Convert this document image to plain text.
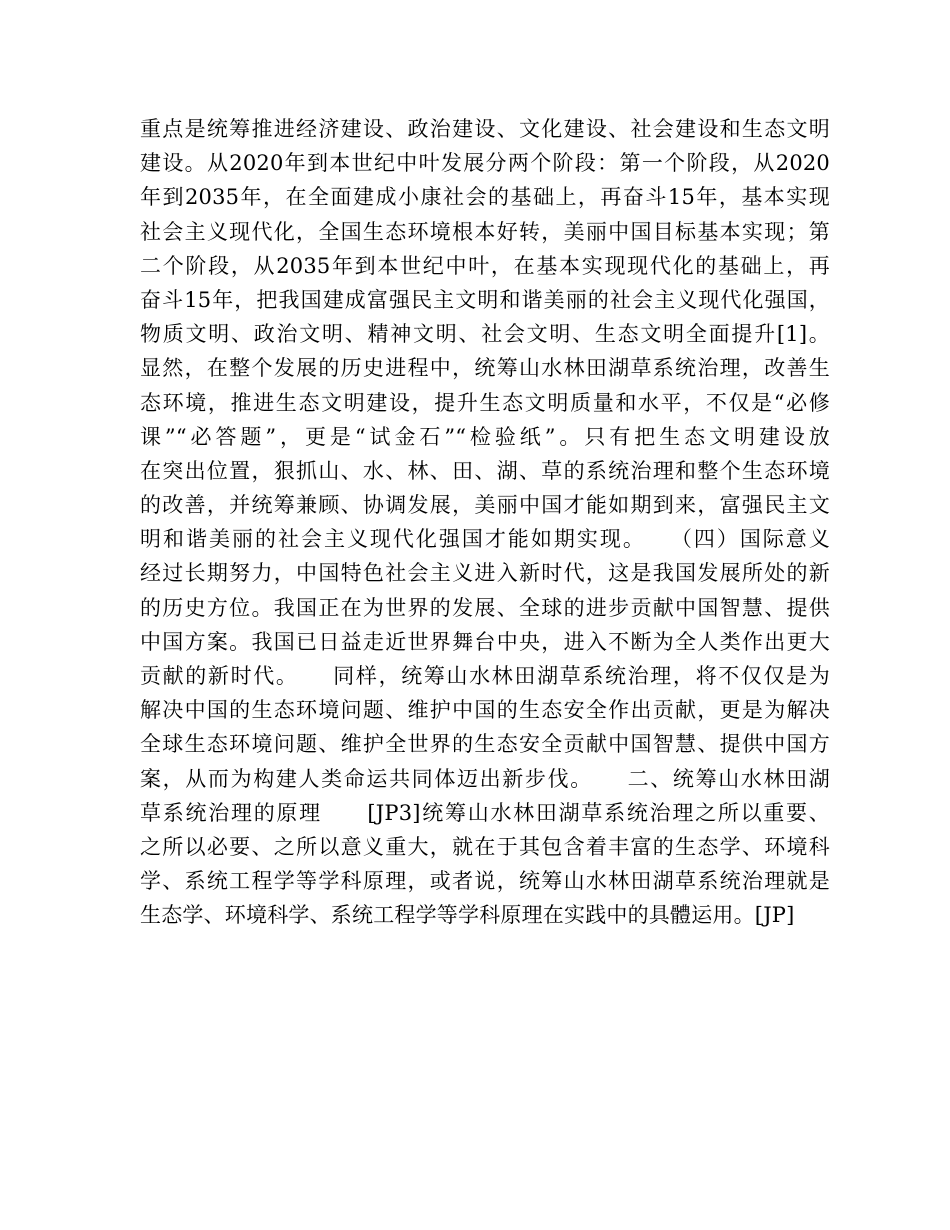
重点是统筹推进经济建设、政治建设、文化建设、社会建设和生态文明
建设。从2020年到本世纪中叶发展分两个阶段：第一个阶段，从2020
年到2035年，在全面建成小康社会的基础上，再奋斗15年，基本实现
社会主义现代化，全国生态环境根本好转，美丽中国目标基本实现；第
二个阶段，从2035年到本世纪中叶，在基本实现现代化的基础上，再
奋斗15年，把我国建成富强民主文明和谐美丽的社会主义现代化强国，
物质文明、政治文明、精神文明、社会文明、生态文明全面提升[1]。
显然，在整个发展的历史进程中，统筹山水林田湖草系统治理，改善生
态环境，推进生态文明建设，提升生态文明质量和水平，不仅是“必修
课”“必答题”，更是“试金石”“检验纸”。只有把生态文明建设放
在突出位置，狠抓山、水、林、田、湖、草的系统治理和整个生态环境
的改善，并统筹兼顾、协调发展，美丽中国才能如期到来，富强民主文
明和谐美丽的社会主义现代化强国才能如期实现。　　（四）国际意义
经过长期努力，中国特色社会主义进入新时代，这是我国发展所处的新
的历史方位。我国正在为世界的发展、全球的进步贡献中国智慧、提供
中国方案。我国已日益走近世界舞台中央，进入不断为全人类作出更大
贡献的新时代。　　同样，统筹山水林田湖草系统治理，将不仅仅是为
解决中国的生态环境问题、维护中国的生态安全作出贡献，更是为解决
全球生态环境问题、维护全世界的生态安全贡献中国智慧、提供中国方
案，从而为构建人类命运共同体迈出新步伐。　　二、统筹山水林田湖
草系统治理的原理　　[JP3]统筹山水林田湖草系统治理之所以重要、
之所以必要、之所以意义重大，就在于其包含着丰富的生态学、环境科
学、系统工程学等学科原理，或者说，统筹山水林田湖草系统治理就是
生态学、环境科学、系统工程学等学科原理在实践中的具體运用。[JP]
